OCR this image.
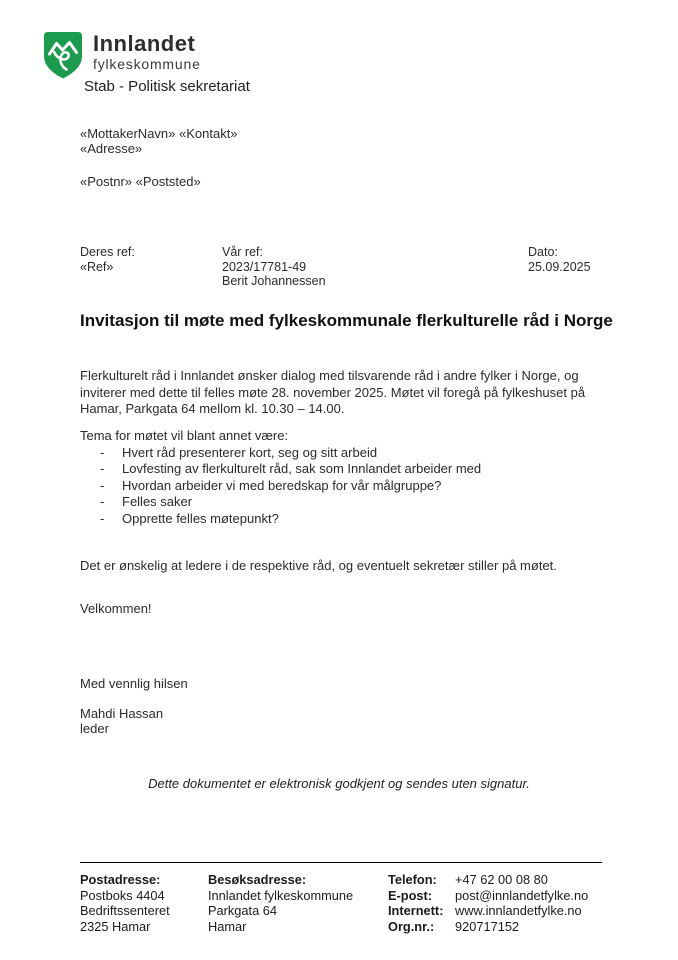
Innlandet
fylkeskommune
Stab - Politisk sekretariat
«MottakerNavn» «Kontakt»
«Adresse»
«Postnr» «Poststed»
Deres ref:
«Ref»
Vår ref:
2023/17781-49
Berit Johannessen
Dato:
25.09.2025
Invitasjon til møte med fylkeskommunale flerkulturelle råd i Norge

Flerkulturelt råd i Innlandet ønsker dialog med tilsvarende råd i andre fylker i Norge, og inviterer med dette til felles møte 28. november 2025. Møtet vil foregå på fylkeshuset på Hamar, Parkgata 64 mellom kl. 10.30 – 14.00.

Tema for møtet vil blant annet være:

-	Hvert råd presenterer kort, seg og sitt arbeid
-	Lovfesting av flerkulturelt råd, sak som Innlandet arbeider med
-	Hvordan arbeider vi med beredskap for vår målgruppe?
-	Felles saker
-	Opprette felles møtepunkt?

Det er ønskelig at ledere i de respektive råd, og eventuelt sekretær stiller på møtet.

Velkommen!

Med vennlig hilsen

Mahdi Hassan

leder

Dette dokumentet er elektronisk godkjent og sendes uten signatur.

Postadresse:
Postboks 4404
Bedriftssenteret
2325 Hamar
Besøksadresse:
Innlandet fylkeskommune
Parkgata 64
Hamar
Telefon:	+47 62 00 08 80
E-post:	post@innlandetfylke.no
Internett: www.innlandetfylke.no
Org.nr.:	920717152
